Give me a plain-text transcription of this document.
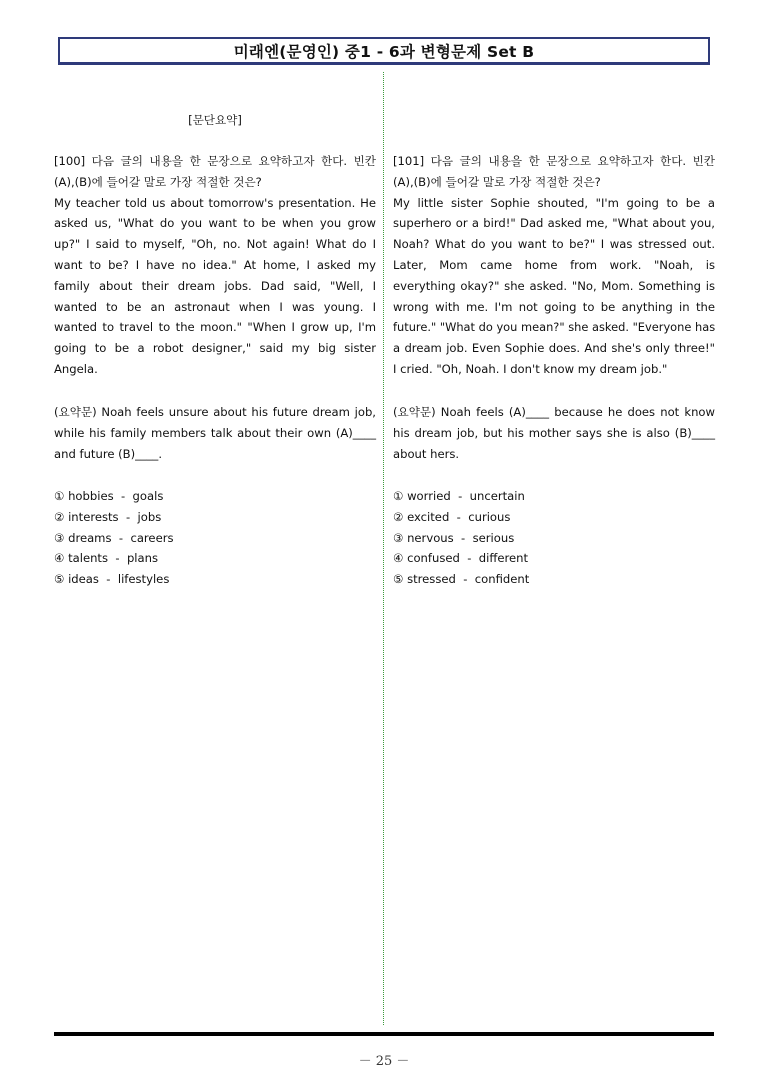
미래엔(문영인) 중1 - 6과 변형문제 Set B
[문단요약]
[100] 다음 글의 내용을 한 문장으로 요약하고자 한다. 빈칸
(A),(B)에 들어갈 말로 가장 적절한 것은?
My teacher told us about tomorrow's presentation. He
asked us, "What do you want to be when you grow
up?" I said to myself, "Oh, no. Not again! What do I
want to be? I have no idea." At home, I asked my
family about their dream jobs. Dad said, "Well, I
wanted to be an astronaut when I was young. I
wanted to travel to the moon." "When I grow up, I'm
going to be a robot designer," said my big sister
Angela.
(요약문) Noah feels unsure about his future dream job,
while his family members talk about their own (A)____
and future (B)____.
① hobbies  -  goals
② interests  -  jobs
③ dreams  -  careers
④ talents  -  plans
⑤ ideas  -  lifestyles
[101] 다음 글의 내용을 한 문장으로 요약하고자 한다. 빈칸
(A),(B)에 들어갈 말로 가장 적절한 것은?
My little sister Sophie shouted, "I'm going to be a
superhero or a bird!" Dad asked me, "What about you,
Noah? What do you want to be?" I was stressed out.
Later, Mom came home from work. "Noah, is
everything okay?" she asked. "No, Mom. Something is
wrong with me. I'm not going to be anything in the
future." "What do you mean?" she asked. "Everyone has
a dream job. Even Sophie does. And she's only three!"
I cried. "Oh, Noah. I don't know my dream job."
(요약문) Noah feels (A)____ because he does not know
his dream job, but his mother says she is also (B)____
about hers.
① worried  -  uncertain
② excited  -  curious
③ nervous  -  serious
④ confused  -  different
⑤ stressed  -  confident
－ 25 －
